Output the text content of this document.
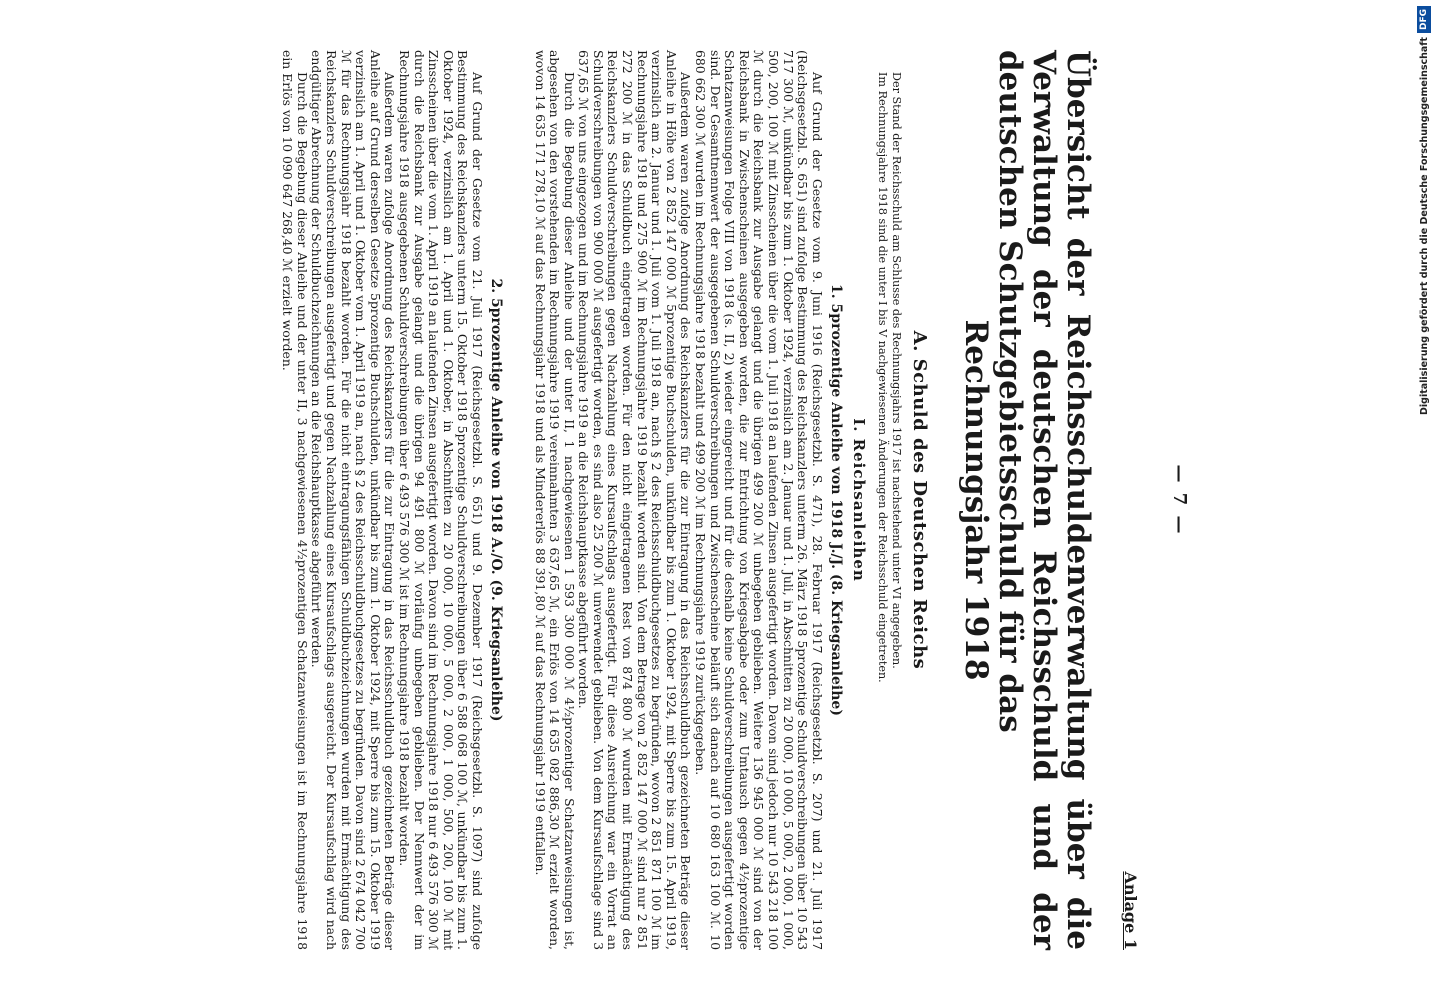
— 7 —
Anlage 1
Übersicht der Reichsschuldenverwaltung über die Verwaltung der deutschen Reichsschuld und der deutschen Schutzgebietsschuld für das
Rechnungsjahr 1918
A. Schuld des Deutschen Reichs

Der Stand der Reichsschuld am Schlusse des Rechnungsjahrs 1917 ist nachstehend unter VI angegeben.

Im Rechnungsjahre 1918 sind die unter I bis V nachgewiesenen Änderungen der Reichsschuld eingetreten.

I. Reichsanleihen
1. 5prozentige Anleihe von 1918 J./J. (8. Kriegsanleihe)

Auf Grund der Gesetze vom 9. Juni 1916 (Reichsgesetzbl. S. 471), 28. Februar 1917 (Reichsgesetzbl. S. 207) und 21. Juli 1917 (Reichsgesetzbl. S. 651) sind zufolge Bestimmung des Reichskanzlers unterm 26. März 1918 5prozentige Schuldverschreibungen über 10 543 717 300 ℳ, unkündbar bis zum 1. Oktober 1924, verzinslich am 2. Januar und 1. Juli, in Abschnitten zu 20 000, 10 000, 5 000, 2 000, 1 000, 500, 200, 100 ℳ mit Zinsscheinen über die vom 1. Juli 1918 an laufenden Zinsen ausgefertigt worden. Davon sind jedoch nur 10 543 218 100 ℳ durch die Reichsbank zur Ausgabe gelangt und die übrigen 499 200 ℳ unbegeben geblieben. Weitere 136 945 000 ℳ sind von der Reichsbank in Zwischenscheinen ausgegeben worden, die zur Entrichtung von Kriegsabgabe oder zum Umtausch gegen 4½prozentige Schatzanweisungen Folge VIII von 1918 (s. II, 2) wieder eingereicht und für die deshalb keine Schuldverschreibungen ausgefertigt worden sind. Der Gesamtnennwert der ausgegebenen Schuldverschreibungen und Zwischenscheine beläuft sich danach auf 10 680 163 100 ℳ. 10 680 662 300 ℳ wurden im Rechnungsjahre 1918 bezahlt und 499 200 ℳ im Rechnungsjahre 1919 zurückgegeben.

Außerdem waren zufolge Anordnung des Reichskanzlers für die zur Eintragung in das Reichsschuldbuch gezeichneten Beträge dieser Anleihe in Höhe von 2 852 147 000 ℳ 5prozentige Buchschulden, unkündbar bis zum 1. Oktober 1924, mit Sperre bis zum 15. April 1919, verzinslich am 2. Januar und 1. Juli vom 1. Juli 1918 an, nach § 2 des Reichsschuldbuchgesetzes zu begründen, wovon 2 851 871 100 ℳ im Rechnungsjahre 1918 und 275 900 ℳ im Rechnungsjahre 1919 bezahlt worden sind. Von dem Betrage von 2 852 147 000 ℳ sind nur 2 851 272 200 ℳ in das Schuldbuch eingetragen worden. Für den nicht eingetragenen Rest von 874 800 ℳ wurden mit Ermächtigung des Reichskanzlers Schuldverschreibungen gegen Nachzahlung eines Kursaufschlags ausgefertigt. Für diese Ausreichung war ein Vorrat an Schuldverschreibungen von 900 000 ℳ ausgefertigt worden, es sind also 25 200 ℳ unverwendet geblieben. Von dem Kursaufschlage sind 3 637,65 ℳ von uns eingezogen und im Rechnungsjahre 1919 an die Reichshauptkasse abgeführt worden.

Durch die Begebung dieser Anleihe und der unter II, 1 nachgewiesenen 1 593 300 000 ℳ 4½prozentiger Schatzanweisungen ist, abgesehen von den vorstehenden im Rechnungsjahre 1919 vereinnahmten 3 637,65 ℳ, ein Erlös von 14 635 082 886,30 ℳ erzielt worden, wovon 14 635 171 278,10 ℳ auf das Rechnungsjahr 1918 und als Mindererlös 88 391,80 ℳ auf das Rechnungsjahr 1919 entfallen.

2. 5prozentige Anleihe von 1918 A./O. (9. Kriegsanleihe)

Auf Grund der Gesetze vom 21. Juli 1917 (Reichsgesetzbl. S. 651) und 9. Dezember 1917 (Reichsgesetzbl. S. 1097) sind zufolge Bestimmung des Reichskanzlers unterm 15. Oktober 1918 5prozentige Schuldverschreibungen über 6 588 068 100 ℳ, unkündbar bis zum 1. Oktober 1924, verzinslich am 1. April und 1. Oktober, in Abschnitten zu 20 000, 10 000, 5 000, 2 000, 1 000, 500, 200, 100 ℳ mit Zinsscheinen über die vom 1. April 1919 an laufenden Zinsen ausgefertigt worden. Davon sind im Rechnungsjahre 1918 nur 6 493 576 300 ℳ durch die Reichsbank zur Ausgabe gelangt und die übrigen 94 491 800 ℳ vorläufig unbegeben geblieben. Der Nennwert der im Rechnungsjahre 1918 ausgegebenen Schuldverschreibungen über 6 493 576 300 ℳ ist im Rechnungsjahre 1918 bezahlt worden.

Außerdem waren zufolge Anordnung des Reichskanzlers für die zur Eintragung in das Reichsschuldbuch gezeichneten Beträge dieser Anleihe auf Grund derselben Gesetze 5prozentige Buchschulden, unkündbar bis zum 1. Oktober 1924, mit Sperre bis zum 15. Oktober 1919 verzinslich am 1. April und 1. Oktober vom 1. April 1919 an, nach § 2 des Reichsschuldbuchgesetzes zu begründen. Davon sind 2 674 042 700 ℳ für das Rechnungsjahr 1918 bezahlt worden. Für die nicht eintragungsfähigen Schuldbuchzeichnungen wurden mit Ermächtigung des Reichskanzlers Schuldverschreibungen ausgefertigt und gegen Nachzahlung eines Kursaufschlags ausgereicht. Der Kursaufschlag wird nach endgültiger Abrechnung der Schuldbuchzeichnungen an die Reichshauptkasse abgeführt werden.

Durch die Begebung dieser Anleihe und der unter II, 3 nachgewiesenen 4½prozentigen Schatzanweisungen ist im Rechnungsjahre 1918 ein Erlös von 10 090 647 268,40 ℳ erzielt worden.	Digitalisierung gefördert durch die Deutsche Forschungsgemeinschaft
DFG
